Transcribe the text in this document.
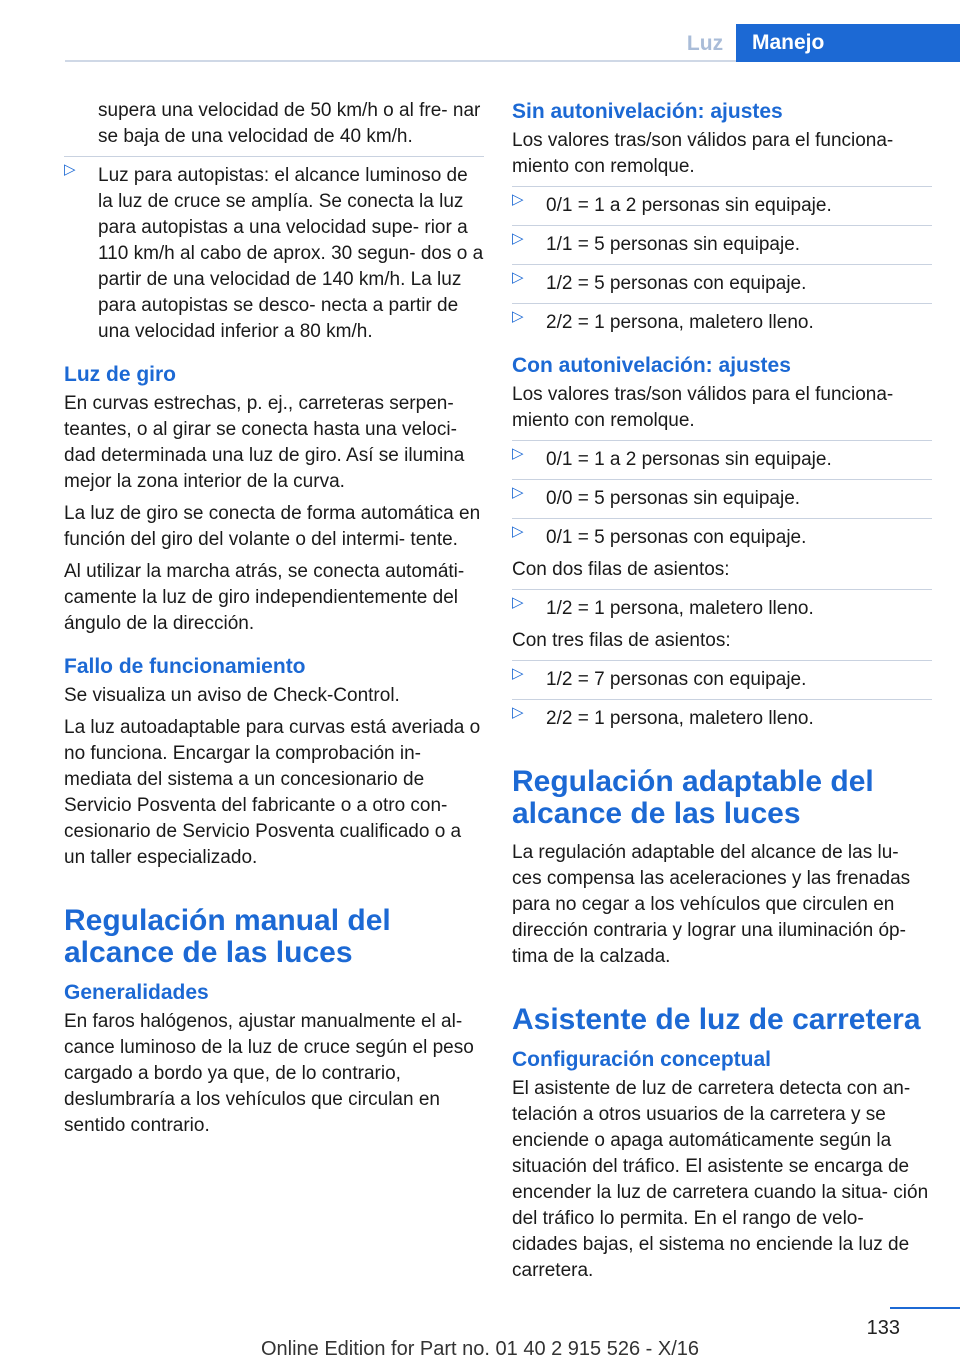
Luz	Manejo

supera una velocidad de 50 km/h o al fre‐ nar se baja de una velocidad de 40 km/h.

▷ Luz para autopistas: el alcance luminoso de la luz de cruce se amplía. Se conecta la luz para autopistas a una velocidad supe‐ rior a 110 km/h al cabo de aprox. 30 segun‐ dos o a partir de una velocidad de 140 km/h. La luz para autopistas se desco‐ necta a partir de una velocidad inferior a 80 km/h.
Luz de giro

En curvas estrechas, p. ej., carreteras serpen‐ teantes, o al girar se conecta hasta una veloci‐ dad determinada una luz de giro. Así se ilumina mejor la zona interior de la curva.

La luz de giro se conecta de forma automática en función del giro del volante o del intermi‐ tente.

Al utilizar la marcha atrás, se conecta automáti‐ camente la luz de giro independientemente del ángulo de la dirección.

Fallo de funcionamiento

Se visualiza un aviso de Check-Control.

La luz autoadaptable para curvas está averiada o no funciona. Encargar la comprobación in‐ mediata del sistema a un concesionario de Servicio Posventa del fabricante o a otro con‐ cesionario de Servicio Posventa cualificado o a un taller especializado.

Regulación manual del alcance de las luces
Generalidades

En faros halógenos, ajustar manualmente el al‐ cance luminoso de la luz de cruce según el peso cargado a bordo ya que, de lo contrario, deslumbraría a los vehículos que circulan en sentido contrario.

Sin autonivelación: ajustes

Los valores tras/son válidos para el funciona‐ miento con remolque.

▷ 0/1 = 1 a 2 personas sin equipaje.
▷ 1/1 = 5 personas sin equipaje.
▷ 1/2 = 5 personas con equipaje.
▷ 2/2 = 1 persona, maletero lleno.
Con autonivelación: ajustes

Los valores tras/son válidos para el funciona‐ miento con remolque.

▷ 0/1 = 1 a 2 personas sin equipaje.
▷ 0/0 = 5 personas sin equipaje.
▷ 0/1 = 5 personas con equipaje.

Con dos filas de asientos:

▷ 1/2 = 1 persona, maletero lleno.

Con tres filas de asientos:

▷ 1/2 = 7 personas con equipaje.
▷ 2/2 = 1 persona, maletero lleno.
Regulación adaptable del alcance de las luces

La regulación adaptable del alcance de las lu‐ ces compensa las aceleraciones y las frenadas para no cegar a los vehículos que circulen en dirección contraria y lograr una iluminación óp‐ tima de la calzada.

Asistente de luz de carretera
Configuración conceptual

El asistente de luz de carretera detecta con an‐ telación a otros usuarios de la carretera y se enciende o apaga automáticamente según la situación del tráfico. El asistente se encarga de encender la luz de carretera cuando la situa‐ ción del tráfico lo permita. En el rango de velo‐ cidades bajas, el sistema no enciende la luz de carretera.

133
Online Edition for Part no. 01 40 2 915 526 - X/16
